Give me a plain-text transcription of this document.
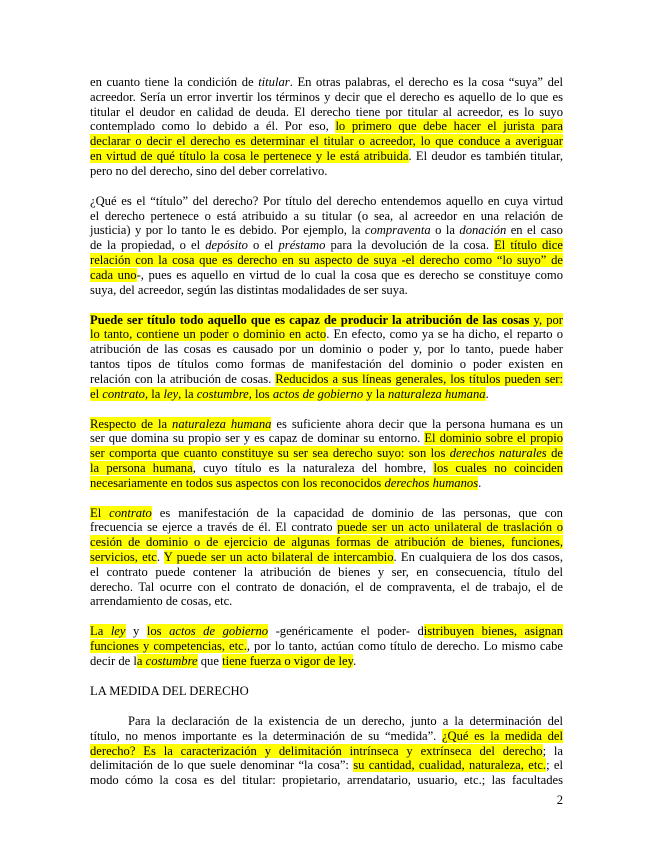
en cuanto tiene la condición de titular. En otras palabras, el derecho es la cosa “suya” del
acreedor. Sería un error invertir los términos y decir que el derecho es aquello de lo que es
titular el deudor en calidad de deuda. El derecho tiene por titular al acreedor, es lo suyo
contemplado como lo debido a él. Por eso, lo primero que debe hacer el jurista para
declarar o decir el derecho es determinar el titular o acreedor, lo que conduce a averiguar
en virtud de qué título la cosa le pertenece y le está atribuida. El deudor es también titular,
pero no del derecho, sino del deber correlativo.
¿Qué es el “título” del derecho? Por título del derecho entendemos aquello en cuya virtud
el derecho pertenece o está atribuido a su titular (o sea, al acreedor en una relación de
justicia) y por lo tanto le es debido. Por ejemplo, la compraventa o la donación en el caso
de la propiedad, o el depósito o el préstamo para la devolución de la cosa. El título dice
relación con la cosa que es derecho en su aspecto de suya -el derecho como “lo suyo” de
cada uno-, pues es aquello en virtud de lo cual la cosa que es derecho se constituye como
suya, del acreedor, según las distintas modalidades de ser suya.
Puede ser título todo aquello que es capaz de producir la atribución de las cosas y, por
lo tanto, contiene un poder o dominio en acto. En efecto, como ya se ha dicho, el reparto o
atribución de las cosas es causado por un dominio o poder y, por lo tanto, puede haber
tantos tipos de títulos como formas de manifestación del dominio o poder existen en
relación con la atribución de cosas. Reducidos a sus líneas generales, los títulos pueden ser:
el contrato, la ley, la costumbre, los actos de gobierno y la naturaleza humana.
Respecto de la naturaleza humana es suficiente ahora decir que la persona humana es un
ser que domina su propio ser y es capaz de dominar su entorno. El dominio sobre el propio
ser comporta que cuanto constituye su ser sea derecho suyo: son los derechos naturales de
la persona humana, cuyo título es la naturaleza del hombre, los cuales no coinciden
necesariamente en todos sus aspectos con los reconocidos derechos humanos.
El contrato es manifestación de la capacidad de dominio de las personas, que con
frecuencia se ejerce a través de él. El contrato puede ser un acto unilateral de traslación o
cesión de dominio o de ejercicio de algunas formas de atribución de bienes, funciones,
servicios, etc. Y puede ser un acto bilateral de intercambio. En cualquiera de los dos casos,
el contrato puede contener la atribución de bienes y ser, en consecuencia, título del
derecho. Tal ocurre con el contrato de donación, el de compraventa, el de trabajo, el de
arrendamiento de cosas, etc.
La ley y los actos de gobierno -genéricamente el poder- distribuyen bienes, asignan
funciones y competencias, etc., por lo tanto, actúan como título de derecho. Lo mismo cabe
decir de la costumbre que tiene fuerza o vigor de ley.
LA MEDIDA DEL DERECHO
Para la declaración de la existencia de un derecho, junto a la determinación del
título, no menos importante es la determinación de su “medida”. ¿Qué es la medida del
derecho? Es la caracterización y delimitación intrínseca y extrínseca del derecho; la
delimitación de lo que suele denominar “la cosa”: su cantidad, cualidad, naturaleza, etc.; el
modo cómo la cosa es del titular: propietario, arrendatario, usuario, etc.; las facultades
2
